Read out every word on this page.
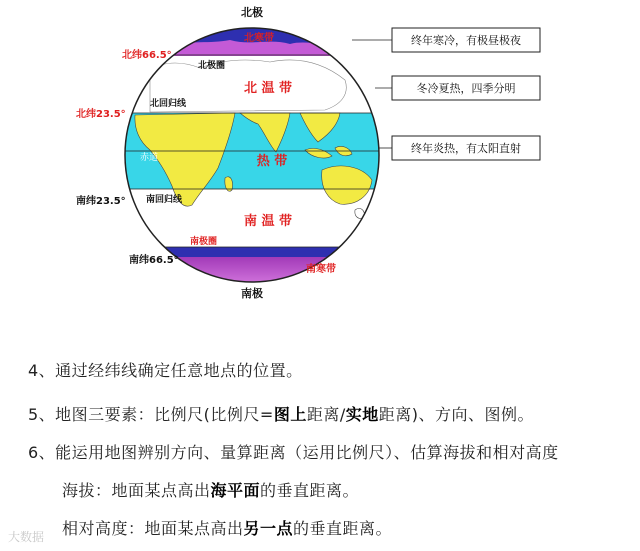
北极
南极
北纬66.5°
北纬23.5°
南纬23.5°
南纬66.5°
北极圈
北回归线
赤道
南回归线
南极圈
北寒带
北 温 带
热 带
南 温 带
南寒带
终年寒冷，有极昼极夜
冬冷夏热，四季分明
终年炎热，有太阳直射
4、通过经纬线确定任意地点的位置。
5、地图三要素：比例尺(比例尺=图上距离/实地距离)、方向、图例。
6、能运用地图辨别方向、量算距离（运用比例尺）、估算海拔和相对高度
海拔：地面某点高出海平面的垂直距离。
相对高度：地面某点高出另一点的垂直距离。
大数据
